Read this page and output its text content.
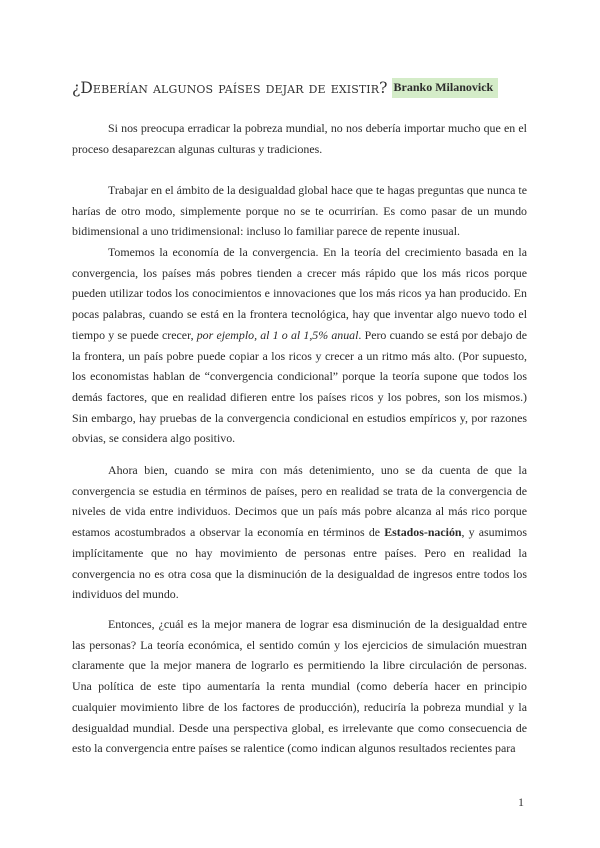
¿Deberían algunos países dejar de existir? Branko Milanovick

Si nos preocupa erradicar la pobreza mundial, no nos debería importar mucho que en el proceso desaparezcan algunas culturas y tradiciones.

Trabajar en el ámbito de la desigualdad global hace que te hagas preguntas que nunca te harías de otro modo, simplemente porque no se te ocurrirían. Es como pasar de un mundo bidimensional a uno tridimensional: incluso lo familiar parece de repente inusual.

Tomemos la economía de la convergencia. En la teoría del crecimiento basada en la convergencia, los países más pobres tienden a crecer más rápido que los más ricos porque pueden utilizar todos los conocimientos e innovaciones que los más ricos ya han producido. En pocas palabras, cuando se está en la frontera tecnológica, hay que inventar algo nuevo todo el tiempo y se puede crecer, por ejemplo, al 1 o al 1,5% anual. Pero cuando se está por debajo de la frontera, un país pobre puede copiar a los ricos y crecer a un ritmo más alto. (Por supuesto, los economistas hablan de “convergencia condicional” porque la teoría supone que todos los demás factores, que en realidad difieren entre los países ricos y los pobres, son los mismos.) Sin embargo, hay pruebas de la convergencia condicional en estudios empíricos y, por razones obvias, se considera algo positivo.

Ahora bien, cuando se mira con más detenimiento, uno se da cuenta de que la convergencia se estudia en términos de países, pero en realidad se trata de la convergencia de niveles de vida entre individuos. Decimos que un país más pobre alcanza al más rico porque estamos acostumbrados a observar la economía en términos de Estados-nación, y asumimos implícitamente que no hay movimiento de personas entre países. Pero en realidad la convergencia no es otra cosa que la disminución de la desigualdad de ingresos entre todos los individuos del mundo.

Entonces, ¿cuál es la mejor manera de lograr esa disminución de la desigualdad entre las personas? La teoría económica, el sentido común y los ejercicios de simulación muestran claramente que la mejor manera de lograrlo es permitiendo la libre circulación de personas. Una política de este tipo aumentaría la renta mundial (como debería hacer en principio cualquier movimiento libre de los factores de producción), reduciría la pobreza mundial y la desigualdad mundial. Desde una perspectiva global, es irrelevante que como consecuencia de esto la convergencia entre países se ralentice (como indican algunos resultados recientes para

1
